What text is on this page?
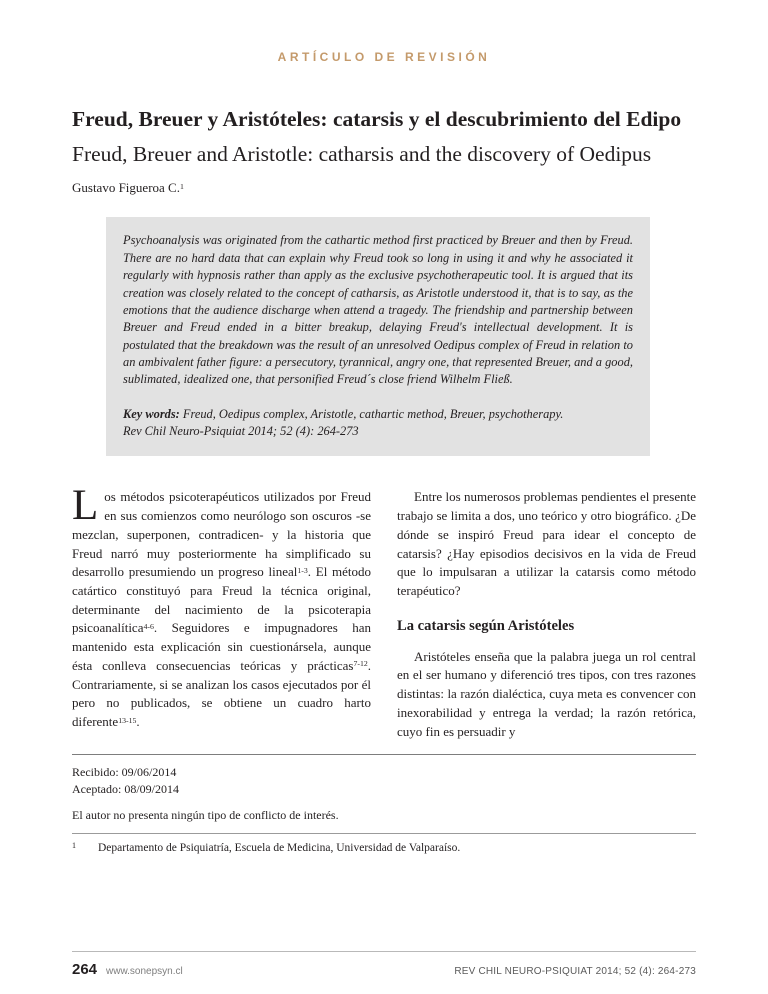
ARTÍCULO DE REVISIÓN
Freud, Breuer y Aristóteles: catarsis y el descubrimiento del Edipo
Freud, Breuer and Aristotle: catharsis and the discovery of Oedipus
Gustavo Figueroa C.$^1$

Psychoanalysis was originated from the cathartic method first practiced by Breuer and then by Freud. There are no hard data that can explain why Freud took so long in using it and why he associated it regularly with hypnosis rather than apply as the exclusive psychotherapeutic tool. It is argued that its creation was closely related to the concept of catharsis, as Aristotle understood it, that is to say, as the emotions that the audience discharge when attend a tragedy. The friendship and partnership between Breuer and Freud ended in a bitter breakup, delaying Freud's intellectual development. It is postulated that the breakdown was the result of an unresolved Oedipus complex of Freud in relation to an ambivalent father figure: a persecutory, tyrannical, angry one, that represented Breuer, and a good, sublimated, idealized one, that personified Freud´s close friend Wilhelm Fließ.

Key words: Freud, Oedipus complex, Aristotle, cathartic method, Breuer, psychotherapy.

Rev Chil Neuro-Psiquiat 2014; 52 (4): 264-273

Los métodos psicoterapéuticos utilizados por Freud en sus comienzos como neurólogo son oscuros -se mezclan, superponen, contradicen- y la historia que Freud narró muy posteriormente ha simplificado su desarrollo presumiendo un progreso lineal$^{1-3}$. El método catártico constituyó para Freud la técnica original, determinante del nacimiento de la psicoterapia psicoanalítica$^{4-6}$. Seguidores e impugnadores han mantenido esta explicación sin cuestionársela, aunque ésta conlleva consecuencias teóricas y prácticas$^{7-12}$. Contrariamente, si se analizan los casos ejecutados por él pero no publicados, se obtiene un cuadro harto diferente$^{13-15}$.

Entre los numerosos problemas pendientes el presente trabajo se limita a dos, uno teórico y otro biográfico. ¿De dónde se inspiró Freud para idear el concepto de catarsis? ¿Hay episodios decisivos en la vida de Freud que lo impulsaran a utilizar la catarsis como método terapéutico?

La catarsis según Aristóteles

Aristóteles enseña que la palabra juega un rol central en el ser humano y diferenció tres tipos, con tres razones distintas: la razón dialéctica, cuya meta es convencer con inexorabilidad y entrega la verdad; la razón retórica, cuyo fin es persuadir y

Recibido: 09/06/2014
Aceptado: 08/09/2014
El autor no presenta ningún tipo de conflicto de interés.
$^1$	Departamento de Psiquiatría, Escuela de Medicina, Universidad de Valparaíso.
264 www.sonepsyn.cl	REV CHIL NEURO-PSIQUIAT 2014; 52 (4): 264-273
